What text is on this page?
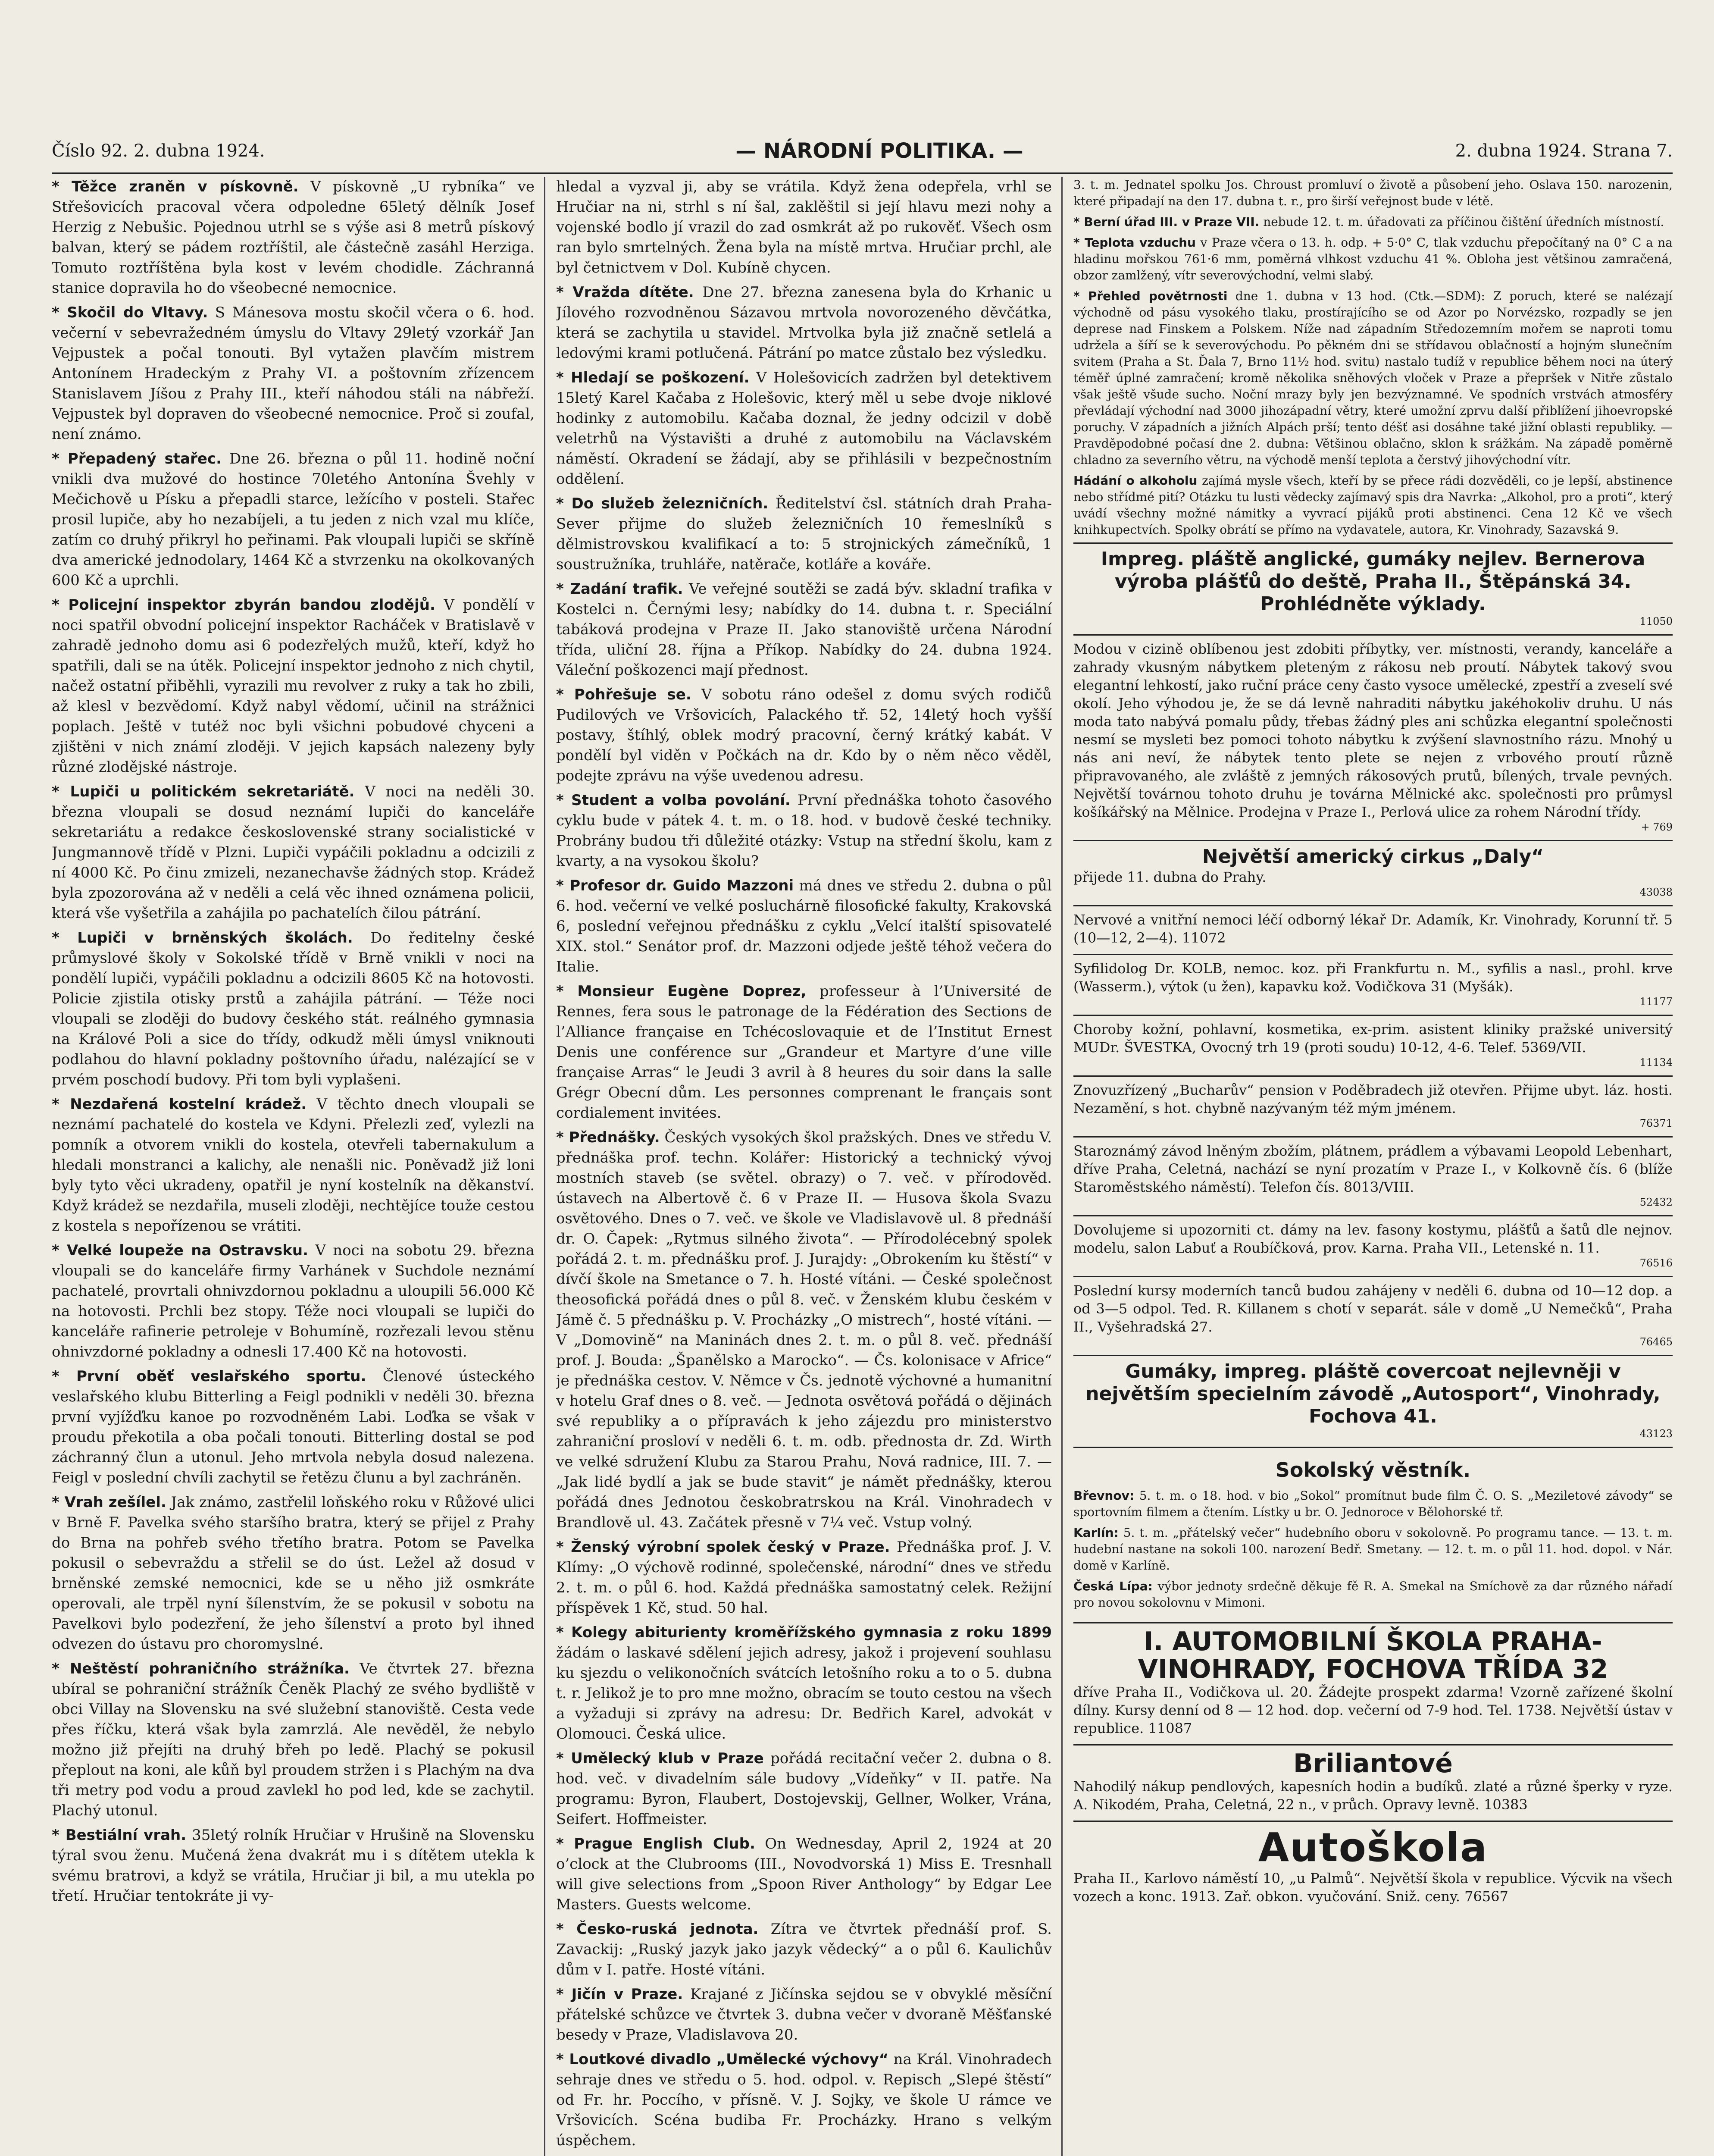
Číslo 92. 2. dubna 1924.	— NÁRODNÍ POLITIKA. —	2. dubna 1924. Strana 7.

* Těžce zraněn v pískovně. V pískovně „U rybníka“ ve Střešovicích pracoval včera odpoledne 65letý dělník Josef Herzig z Nebušic. Pojednou utrhl se s výše asi 8 metrů pískový balvan, který se pádem roztříštil, ale částečně zasáhl Herziga. Tomuto roztříštěna byla kost v levém chodidle. Záchranná stanice dopravila ho do všeobecné nemocnice.

* Skočil do Vltavy. S Mánesova mostu skočil včera o 6. hod. večerní v sebevražedném úmyslu do Vltavy 29letý vzorkář Jan Vejpustek a počal tonouti. Byl vytažen plavčím mistrem Antonínem Hradeckým z Prahy VI. a poštovním zřízencem Stanislavem Jíšou z Prahy III., kteří náhodou stáli na nábřeží. Vejpustek byl dopraven do všeobecné nemocnice. Proč si zoufal, není známo.

* Přepadený stařec. Dne 26. března o půl 11. hodině noční vnikli dva mužové do hostince 70letého Antonína Švehly v Mečichově u Písku a přepadli starce, ležícího v posteli. Stařec prosil lupiče, aby ho nezabíjeli, a tu jeden z nich vzal mu klíče, zatím co druhý přikryl ho peřinami. Pak vloupali lupiči se skříně dva americké jednodolary, 1464 Kč a stvrzenku na okolkovaných 600 Kč a uprchli.

* Policejní inspektor zbyrán bandou zlodějů. V pondělí v noci spatřil obvodní policejní inspektor Racháček v Bratislavě v zahradě jednoho domu asi 6 podezřelých mužů, kteří, když ho spatřili, dali se na útěk. Policejní inspektor jednoho z nich chytil, načež ostatní přiběhli, vyrazili mu revolver z ruky a tak ho zbili, až klesl v bezvědomí. Když nabyl vědomí, učinil na strážnici poplach. Ještě v tutéž noc byli všichni pobudové chyceni a zjištěni v nich známí zloději. V jejich kapsách nalezeny byly různé zlodějské nástroje.

* Lupiči u politickém sekretariátě. V noci na neděli 30. března vloupali se dosud neznámí lupiči do kanceláře sekretariátu a redakce československé strany socialistické v Jungmannově třídě v Plzni. Lupiči vypáčili pokladnu a odcizili z ní 4000 Kč. Po činu zmizeli, nezanechavše žádných stop. Krádež byla zpozorována až v neděli a celá věc ihned oznámena policii, která vše vyšetřila a zahájila po pachatelích čilou pátrání.

* Lupiči v brněnských školách. Do ředitelny české průmyslové školy v Sokolské třídě v Brně vnikli v noci na pondělí lupiči, vypáčili pokladnu a odcizili 8605 Kč na hotovosti. Policie zjistila otisky prstů a zahájila pátrání. — Téže noci vloupali se zloději do budovy českého stát. reálného gymnasia na Králové Poli a sice do třídy, odkudž měli úmysl vniknouti podlahou do hlavní pokladny poštovního úřadu, nalézající se v prvém poschodí budovy. Při tom byli vyplašeni.

* Nezdařená kostelní krádež. V těchto dnech vloupali se neznámí pachatelé do kostela ve Kdyni. Přelezli zeď, vylezli na pomník a otvorem vnikli do kostela, otevřeli tabernakulum a hledali monstranci a kalichy, ale nenašli nic. Poněvadž již loni byly tyto věci ukradeny, opatřil je nyní kostelník na děkanství. Když krádež se nezdařila, museli zloději, nechtějíce touže cestou z kostela s nepořízenou se vrátiti.

* Velké loupeže na Ostravsku. V noci na sobotu 29. března vloupali se do kanceláře firmy Varhánek v Suchdole neznámí pachatelé, provrtali ohnivzdornou pokladnu a uloupili 56.000 Kč na hotovosti. Prchli bez stopy. Téže noci vloupali se lupiči do kanceláře rafinerie petroleje v Bohumíně, rozřezali levou stěnu ohnivzdorné pokladny a odnesli 17.400 Kč na hotovosti.

* První oběť veslařského sportu. Členové ústeckého veslařského klubu Bitterling a Feigl podnikli v neděli 30. března první vyjížďku kanoe po rozvodněném Labi. Loďka se však v proudu překotila a oba počali tonouti. Bitterling dostal se pod záchranný člun a utonul. Jeho mrtvola nebyla dosud nalezena. Feigl v poslední chvíli zachytil se řetězu člunu a byl zachráněn.

* Vrah zešílel. Jak známo, zastřelil loňského roku v Růžové ulici v Brně F. Pavelka svého staršího bratra, který se přijel z Prahy do Brna na pohřeb svého třetího bratra. Potom se Pavelka pokusil o sebevraždu a střelil se do úst. Ležel až dosud v brněnské zemské nemocnici, kde se u něho již osmkráte operovali, ale trpěl nyní šílenstvím, že se pokusil v sobotu na Pavelkovi bylo podezření, že jeho šílenství a proto byl ihned odvezen do ústavu pro choromyslné.

* Neštěstí pohraničního strážníka. Ve čtvrtek 27. března ubíral se pohraniční strážník Čeněk Plachý ze svého bydliště v obci Villay na Slovensku na své služební stanoviště. Cesta vede přes říčku, která však byla zamrzlá. Ale nevěděl, že nebylo možno již přejíti na druhý břeh po ledě. Plachý se pokusil přeplout na koni, ale kůň byl proudem stržen i s Plachým na dva tři metry pod vodu a proud zavlekl ho pod led, kde se zachytil. Plachý utonul.

* Bestiální vrah. 35letý rolník Hručiar v Hrušině na Slovensku týral svou ženu. Mučená žena dvakrát mu i s dítětem utekla k svému bratrovi, a když se vrátila, Hručiar ji bil, a mu utekla po třetí. Hručiar tentokráte ji vy-

hledal a vyzval ji, aby se vrátila. Když žena odepřela, vrhl se Hručiar na ni, strhl s ní šal, zaklěštil si její hlavu mezi nohy a vojenské bodlo jí vrazil do zad osmkrát až po rukověť. Všech osm ran bylo smrtelných. Žena byla na místě mrtva. Hručiar prchl, ale byl četnictvem v Dol. Kubíně chycen.

* Vražda dítěte. Dne 27. března zanesena byla do Krhanic u Jílového rozvodněnou Sázavou mrtvola novorozeného děvčátka, která se zachytila u stavidel. Mrtvolka byla již značně setlelá a ledovými krami potlučená. Pátrání po matce zůstalo bez výsledku.

* Hledají se poškození. V Holešovicích zadržen byl detektivem 15letý Karel Kačaba z Holešovic, který měl u sebe dvoje niklové hodinky z automobilu. Kačaba doznal, že jedny odcizil v době veletrhů na Výstavišti a druhé z automobilu na Václavském náměstí. Okradení se žádají, aby se přihlásili v bezpečnostním oddělení.

* Do služeb železničních. Ředitelství čsl. státních drah Praha-Sever přijme do služeb železničních 10 řemeslníků s dělmistrovskou kvalifikací a to: 5 strojnických zámečníků, 1 soustružníka, truhláře, natěrače, kotláře a kováře.

* Zadání trafik. Ve veřejné soutěži se zadá býv. skladní trafika v Kostelci n. Černými lesy; nabídky do 14. dubna t. r. Speciální tabáková prodejna v Praze II. Jako stanoviště určena Národní třída, uliční 28. října a Příkop. Nabídky do 24. dubna 1924. Váleční poškozenci mají přednost.

* Pohřešuje se. V sobotu ráno odešel z domu svých rodičů Pudilových ve Vršovicích, Palackého tř. 52, 14letý hoch vyšší postavy, štíhlý, oblek modrý pracovní, černý krátký kabát. V pondělí byl viděn v Počkách na dr. Kdo by o něm něco věděl, podejte zprávu na výše uvedenou adresu.

* Student a volba povolání. První přednáška tohoto časového cyklu bude v pátek 4. t. m. o 18. hod. v budově české techniky. Probrány budou tři důležité otázky: Vstup na střední školu, kam z kvarty, a na vysokou školu?

* Profesor dr. Guido Mazzoni má dnes ve středu 2. dubna o půl 6. hod. večerní ve velké posluchárně filosofické fakulty, Krakovská 6, poslední veřejnou přednášku z cyklu „Velcí italští spisovatelé XIX. stol.“ Senátor prof. dr. Mazzoni odjede ještě téhož večera do Italie.

* Monsieur Eugène Doprez, professeur à l’Université de Rennes, fera sous le patronage de la Fédération des Sections de l’Alliance française en Tchécoslovaquie et de l’Institut Ernest Denis une conférence sur „Grandeur et Martyre d’une ville française Arras“ le Jeudi 3 avril à 8 heures du soir dans la salle Grégr Obecní dům. Les personnes comprenant le français sont cordialement invitées.

* Přednášky. Českých vysokých škol pražských. Dnes ve středu V. přednáška prof. techn. Kolářer: Historický a technický vývoj mostních staveb (se světel. obrazy) o 7. več. v přírodověd. ústavech na Albertově č. 6 v Praze II. — Husova škola Svazu osvětového. Dnes o 7. več. ve škole ve Vladislavově ul. 8 přednáší dr. O. Čapek: „Rytmus silného života“. — Přírodolécebný spolek pořádá 2. t. m. přednášku prof. J. Jurajdy: „Obrokením ku štěstí“ v dívčí škole na Smetance o 7. h. Hosté vítáni. — České společnost theosofická pořádá dnes o půl 8. več. v Ženském klubu českém v Jámě č. 5 přednášku p. V. Procházky „O mistrech“, hosté vítáni. — V „Domovině“ na Maninách dnes 2. t. m. o půl 8. več. přednáší prof. J. Bouda: „Španělsko a Marocko“. — Čs. kolonisace v Africe“ je přednáška cestov. V. Němce v Čs. jednotě výchovné a humanitní v hotelu Graf dnes o 8. več. — Jednota osvětová pořádá o dějinách své republiky a o přípravách k jeho zájezdu pro ministerstvo zahraniční prosloví v neděli 6. t. m. odb. přednosta dr. Zd. Wirth ve velké sdružení Klubu za Starou Prahu, Nová radnice, III. 7. — „Jak lidé bydlí a jak se bude stavit“ je námět přednášky, kterou pořádá dnes Jednotou českobratrskou na Král. Vinohradech v Brandlově ul. 43. Začátek přesně v 7¼ več. Vstup volný.

* Ženský výrobní spolek český v Praze. Přednáška prof. J. V. Klímy: „O výchově rodinné, společenské, národní“ dnes ve středu 2. t. m. o půl 6. hod. Každá přednáška samostatný celek. Režijní příspěvek 1 Kč, stud. 50 hal.

* Kolegy abiturienty kroměřížského gymnasia z roku 1899 žádám o laskavé sdělení jejich adresy, jakož i projevení souhlasu ku sjezdu o velikonočních svátcích letošního roku a to o 5. dubna t. r. Jelikož je to pro mne možno, obracím se touto cestou na všech a vyžaduji si zprávy na adresu: Dr. Bedřich Karel, advokát v Olomouci. Česká ulice.

* Umělecký klub v Praze pořádá recitační večer 2. dubna o 8. hod. več. v divadelním sále budovy „Vídeňky“ v II. patře. Na programu: Byron, Flaubert, Dostojevskij, Gellner, Wolker, Vrána, Seifert. Hoffmeister.

* Prague English Club. On Wednesday, April 2, 1924 at 20 o’clock at the Clubrooms (III., Novodvorská 1) Miss E. Tresnhall will give selections from „Spoon River Anthology“ by Edgar Lee Masters. Guests welcome.

* Česko-ruská jednota. Zítra ve čtvrtek přednáší prof. S. Zavackij: „Ruský jazyk jako jazyk vědecký“ a o půl 6. Kaulichův dům v I. patře. Hosté vítáni.

* Jičín v Praze. Krajané z Jičínska sejdou se v obvyklé měsíční přátelské schůzce ve čtvrtek 3. dubna večer v dvoraně Měšťanské besedy v Praze, Vladislavova 20.

* Loutkové divadlo „Umělecké výchovy“ na Král. Vinohradech sehraje dnes ve středu o 5. hod. odpol. v. Repisch „Slepé štěstí“ od Fr. hr. Poccího, v přísně. V. J. Sojky, ve škole U rámce ve Vršovicích. Scéna budiba Fr. Procházky. Hrano s velkým úspěchem.

3. t. m. Jednatel spolku Jos. Chroust promluví o životě a působení jeho. Oslava 150. narozenin, které připadají na den 17. dubna t. r., pro širší veřejnost bude v létě.

* Berní úřad III. v Praze VII. nebude 12. t. m. úřadovati za příčinou čištění úředních místností.

* Teplota vzduchu v Praze včera o 13. h. odp. + 5·0° C, tlak vzduchu přepočítaný na 0° C a na hladinu mořskou 761·6 mm, poměrná vlhkost vzduchu 41 %. Obloha jest většinou zamračená, obzor zamlžený, vítr severovýchodní, velmi slabý.

* Přehled povětrnosti dne 1. dubna v 13 hod. (Ctk.—SDM): Z poruch, které se nalézají východně od pásu vysokého tlaku, prostírajícího se od Azor po Norvézsko, rozpadly se jen deprese nad Finskem a Polskem. Níže nad západním Středozemním mořem se naproti tomu udržela a šíří se k severovýchodu. Po pěkném dni se střídavou oblačností a hojným slunečním svitem (Praha a St. Ďala 7, Brno 11½ hod. svitu) nastalo tudíž v republice během noci na úterý téměř úplné zamračení; kromě několika sněhových vloček v Praze a přepršek v Nitře zůstalo však ještě všude sucho. Noční mrazy byly jen bezvýznamné. Ve spodních vrstvách atmosféry převládají východní nad 3000 jihozápadní větry, které umožní zprvu další přiblížení jihoevropské poruchy. V západních a jižních Alpách prší; tento déšť asi dosáhne také jižní oblasti republiky. — Pravděpodobné počasí dne 2. dubna: Většinou oblačno, sklon k srážkám. Na západě poměrně chladno za severního větru, na východě menší teplota a čerstvý jihovýchodní vítr.

Hádání o alkoholu zajímá mysle všech, kteří by se přece rádi dozvěděli, co je lepší, abstinence nebo střídmé pití? Otázku tu lusti vědecky zajímavý spis dra Navrka: „Alkohol, pro a proti“, který uvádí všechny možné námitky a vyvrací pijáků proti abstinenci. Cena 12 Kč ve všech knihkupectvích. Spolky obrátí se přímo na vydavatele, autora, Kr. Vinohrady, Sazavská 9.

Impreg. pláště anglické, gumáky nejlev. Bernerova výroba plášťů do deště, Praha II., Štěpánská 34. Prohlédněte výklady.

11050

Modou v cizině oblíbenou jest zdobiti příbytky, ver. místnosti, verandy, kanceláře a zahrady vkusným nábytkem pleteným z rákosu neb proutí. Nábytek takový svou elegantní lehkostí, jako ruční práce ceny často vysoce umělecké, zpestří a zveselí své okolí. Jeho výhodou je, že se dá levně nahraditi nábytku jakéhokoliv druhu. U nás moda tato nabývá pomalu půdy, třebas žádný ples ani schůzka elegantní společnosti nesmí se mysleti bez pomoci tohoto nábytku k zvýšení slavnostního rázu. Mnohý u nás ani neví, že nábytek tento plete se nejen z vrbového proutí různě připravovaného, ale zvláště z jemných rákosových prutů, bílených, trvale pevných. Největší továrnou tohoto druhu je továrna Mělnické akc. společnosti pro průmysl košíkářský na Mělnice. Prodejna v Praze I., Perlová ulice za rohem Národní třídy.

+ 769

Největší americký cirkus „Daly“

přijede 11. dubna do Prahy.

43038

Nervové a vnitřní nemoci léčí odborný lékař Dr. Adamík, Kr. Vinohrady, Korunní tř. 5 (10—12, 2—4). 11072

Syfilidolog Dr. KOLB, nemoc. koz. při Frankfurtu n. M., syfilis a nasl., prohl. krve (Wasserm.), výtok (u žen), kapavku kož. Vodičkova 31 (Myšák).

11177

Choroby kožní, pohlavní, kosmetika, ex-prim. asistent kliniky pražské universitý MUDr. ŠVESTKA, Ovocný trh 19 (proti soudu) 10-12, 4-6. Telef. 5369/VII.

11134

Znovuzřízený „Bucharův“ pension v Poděbradech již otevřen. Přijme ubyt. láz. hosti. Nezamění, s hot. chybně nazývaným též mým jménem.

76371

Staroznámý závod lněným zbožím, plátnem, prádlem a výbavami Leopold Lebenhart, dříve Praha, Celetná, nachází se nyní prozatím v Praze I., v Kolkovně čís. 6 (blíže Staroměstského náměstí). Telefon čís. 8013/VIII.

52432

Dovolujeme si upozorniti ct. dámy na lev. fasony kostymu, plášťů a šatů dle nejnov. modelu, salon Labuť a Roubíčková, prov. Karna. Praha VII., Letenské n. 11.

76516

Poslední kursy moderních tanců budou zahájeny v neděli 6. dubna od 10—12 dop. a od 3—5 odpol. Ted. R. Killanem s chotí v separát. sále v domě „U Nemečků“, Praha II., Vyšehradská 27.

76465

Gumáky, impreg. pláště covercoat nejlevněji v největším specielním závodě „Autosport“, Vinohrady, Fochova 41.

43123

Sokolský věstník.

Břevnov: 5. t. m. o 18. hod. v bio „Sokol“ promítnut bude film Č. O. S. „Meziletové závody“ se sportovním filmem a čtením. Lístky u br. O. Jednoroce v Bělohorské tř.

Karlín: 5. t. m. „přátelský večer“ hudebního oboru v sokolovně. Po programu tance. — 13. t. m. hudební nastane na sokoli 100. narození Bedř. Smetany. — 12. t. m. o půl 11. hod. dopol. v Nár. domě v Karlíně.

Česká Lípa: výbor jednoty srdečně děkuje fě R. A. Smekal na Smíchově za dar různého nářadí pro novou sokolovnu v Mimoni.

I. AUTOMOBILNÍ ŠKOLA PRAHA-VINOHRADY, FOCHOVA TŘÍDA 32

dříve Praha II., Vodičkova ul. 20. Žádejte prospekt zdarma! Vzorně zařízené školní dílny. Kursy denní od 8 — 12 hod. dop. večerní od 7-9 hod. Tel. 1738. Největší ústav v republice. 11087

Briliantové

Nahodilý nákup pendlových, kapesních hodin a budíků. zlaté a různé šperky v ryze. A. Nikodém, Praha, Celetná, 22 n., v průch. Opravy levně. 10383

Autoškola

Praha II., Karlovo náměstí 10, „u Palmů“. Největší škola v republice. Výcvik na všech vozech a konc. 1913. Zař. obkon. vyučování. Sniž. ceny. 76567
